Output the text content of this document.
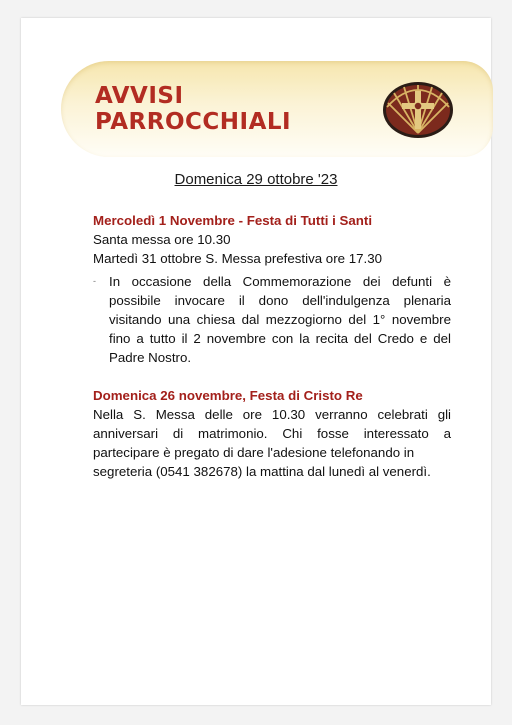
AVVISI
PARROCCHIALI
Domenica 29 ottobre '23
Mercoledì 1 Novembre - Festa di Tutti i Santi
Santa messa ore 10.30
Martedì 31 ottobre S. Messa prefestiva ore 17.30
- In occasione della Commemorazione dei defunti è possibile invocare il dono dell'indulgenza plenaria visitando una chiesa dal mezzogiorno del 1° novembre fino a tutto il 2 novembre con la recita del Credo e del Padre Nostro.
Domenica 26 novembre, Festa di Cristo Re
Nella S. Messa delle ore 10.30 verranno celebrati gli anniversari di matrimonio. Chi fosse interessato a partecipare è pregato di dare l'adesione telefonando in
segreteria (0541 382678) la mattina dal lunedì al venerdì.
